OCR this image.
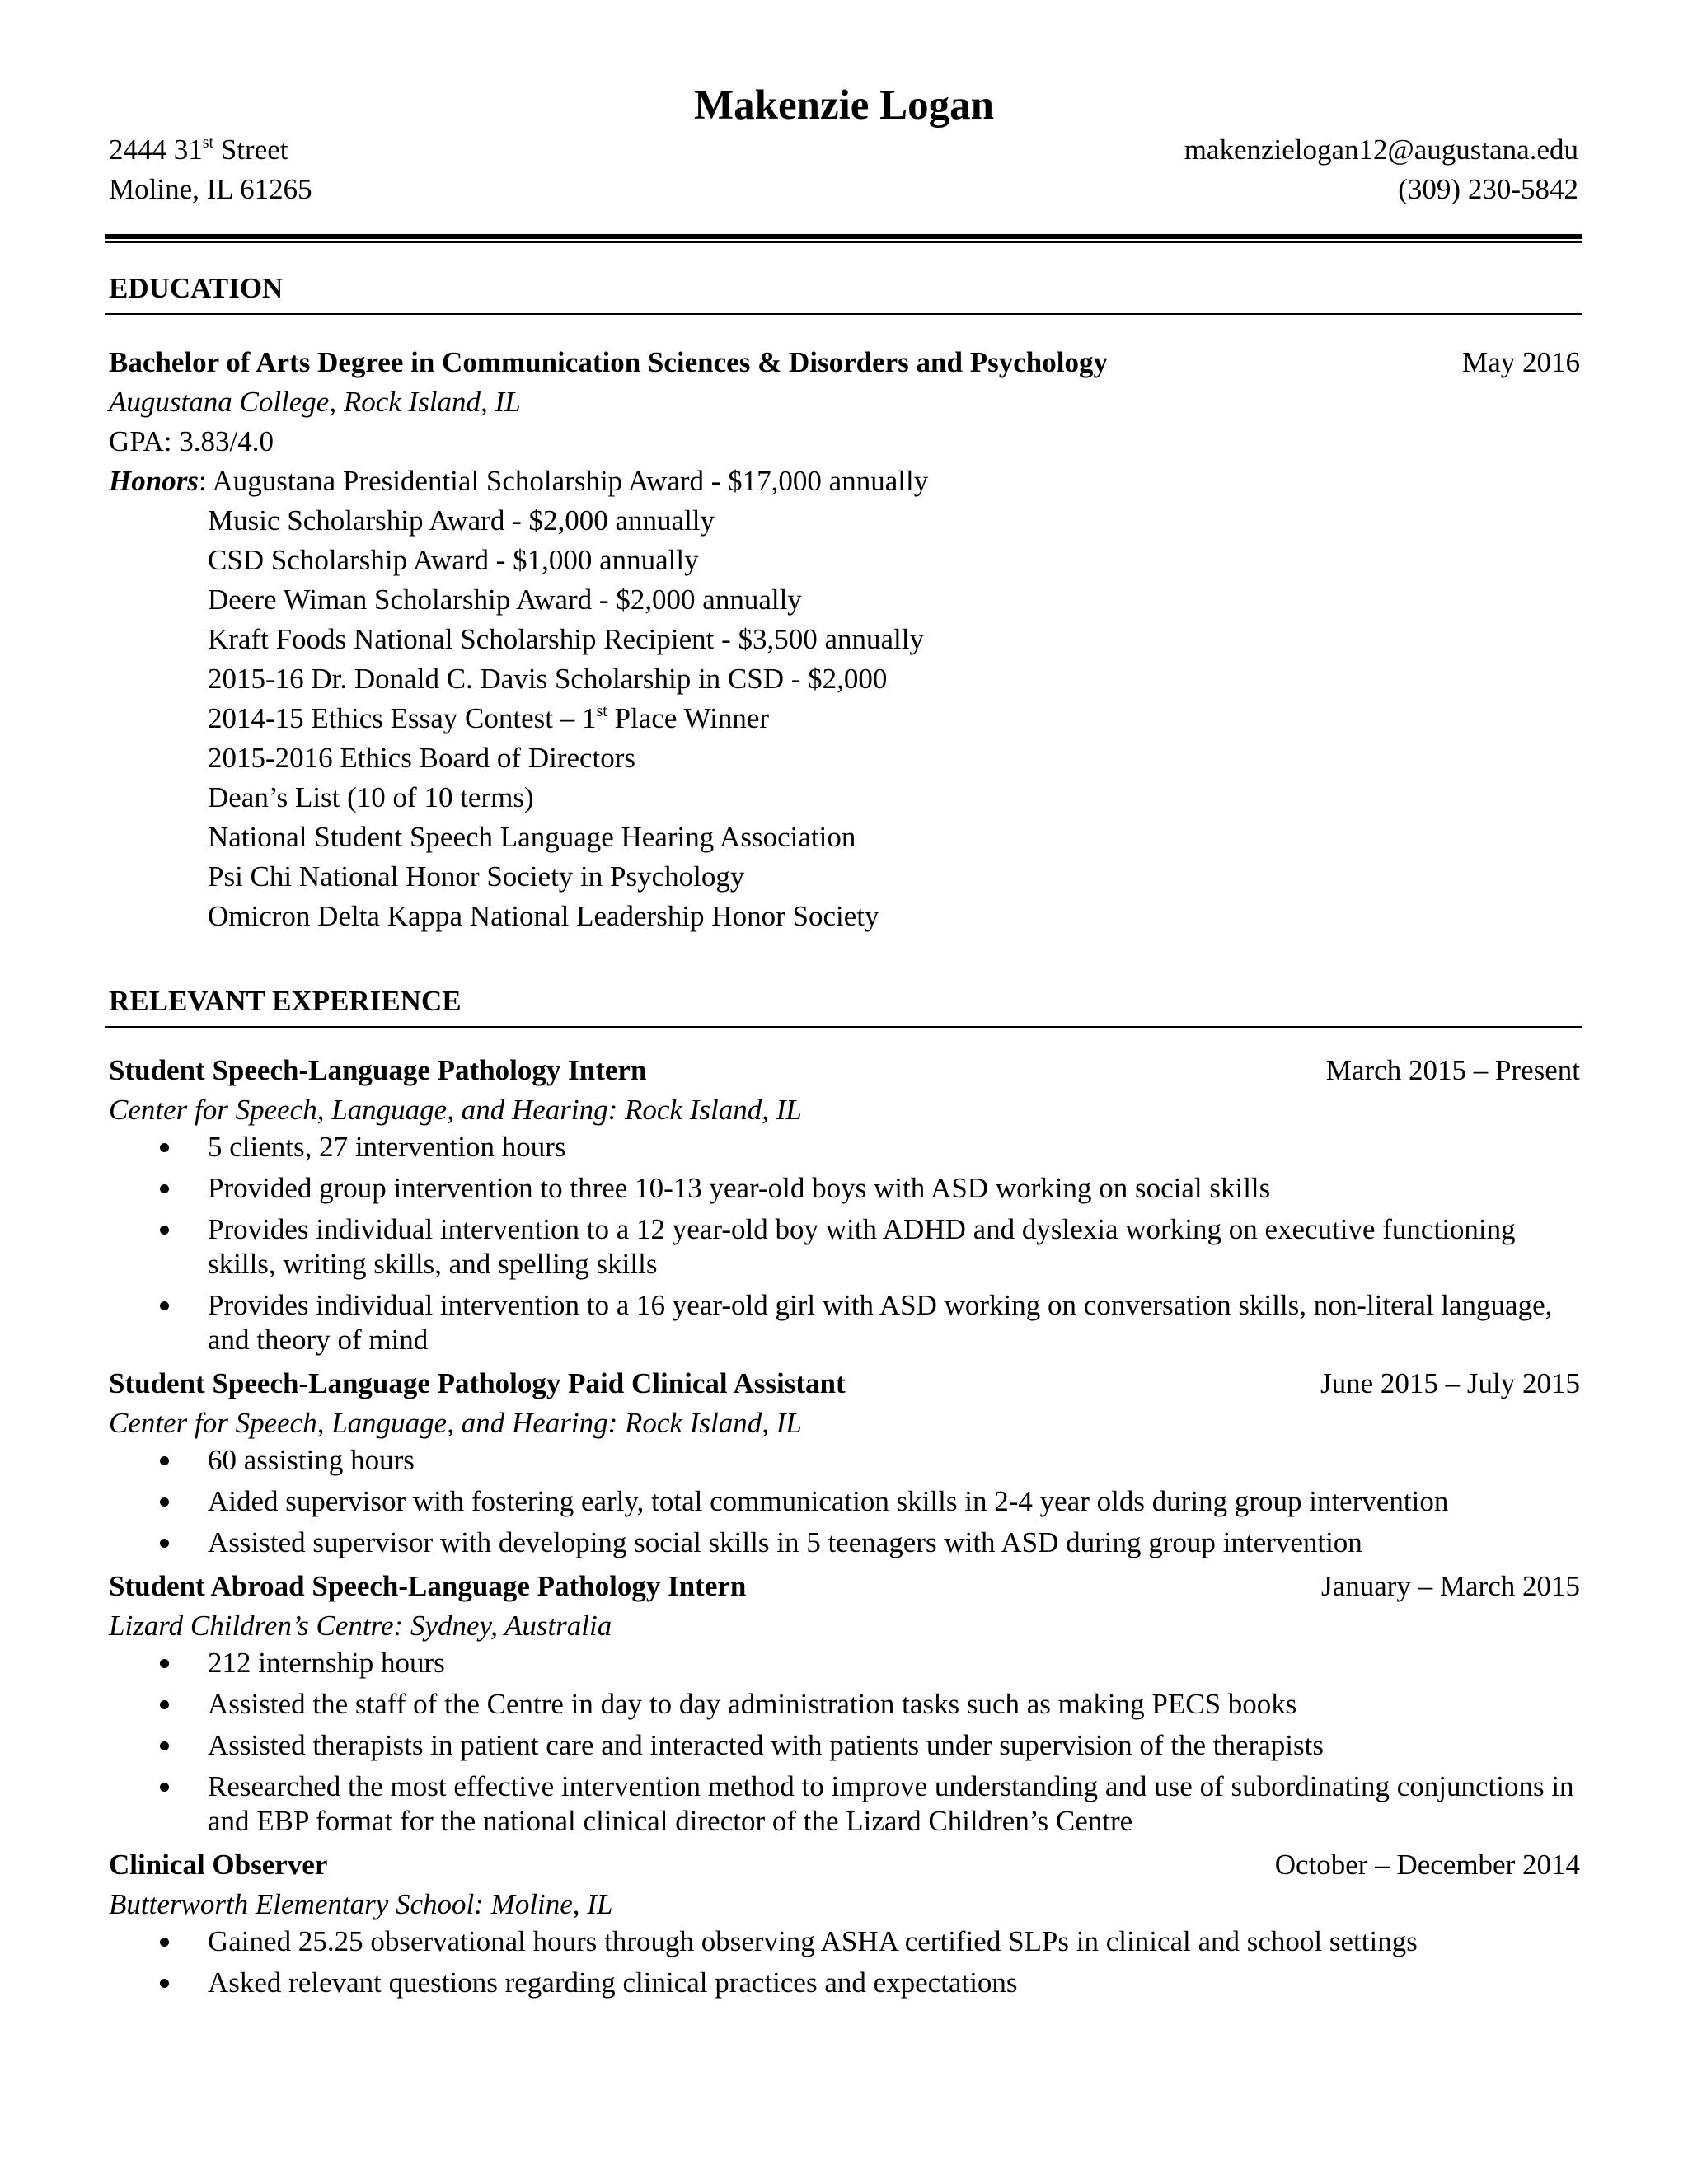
Makenzie Logan
2444 31st Street	makenzielogan12@augustana.edu
Moline, IL 61265	(309) 230-5842
EDUCATION
Bachelor of Arts Degree in Communication Sciences & Disorders and Psychology	May 2016
Augustana College, Rock Island, IL
GPA: 3.83/4.0
Honors: Augustana Presidential Scholarship Award - $17,000 annually
Music Scholarship Award - $2,000 annually
CSD Scholarship Award - $1,000 annually
Deere Wiman Scholarship Award - $2,000 annually
Kraft Foods National Scholarship Recipient - $3,500 annually
2015-16 Dr. Donald C. Davis Scholarship in CSD - $2,000
2014-15 Ethics Essay Contest – 1st Place Winner
2015-2016 Ethics Board of Directors
Dean’s List (10 of 10 terms)
National Student Speech Language Hearing Association
Psi Chi National Honor Society in Psychology
Omicron Delta Kappa National Leadership Honor Society
RELEVANT EXPERIENCE
Student Speech-Language Pathology Intern	March 2015 – Present
Center for Speech, Language, and Hearing: Rock Island, IL
5 clients, 27 intervention hours
Provided group intervention to three 10-13 year-old boys with ASD working on social skills
Provides individual intervention to a 12 year-old boy with ADHD and dyslexia working on executive functioning skills, writing skills, and spelling skills
Provides individual intervention to a 16 year-old girl with ASD working on conversation skills, non-literal language, and theory of mind
Student Speech-Language Pathology Paid Clinical Assistant	June 2015 – July 2015
Center for Speech, Language, and Hearing: Rock Island, IL
60 assisting hours
Aided supervisor with fostering early, total communication skills in 2-4 year olds during group intervention
Assisted supervisor with developing social skills in 5 teenagers with ASD during group intervention
Student Abroad Speech-Language Pathology Intern	January – March 2015
Lizard Children’s Centre: Sydney, Australia
212 internship hours
Assisted the staff of the Centre in day to day administration tasks such as making PECS books
Assisted therapists in patient care and interacted with patients under supervision of the therapists
Researched the most effective intervention method to improve understanding and use of subordinating conjunctions in and EBP format for the national clinical director of the Lizard Children’s Centre
Clinical Observer	October – December 2014
Butterworth Elementary School: Moline, IL
Gained 25.25 observational hours through observing ASHA certified SLPs in clinical and school settings
Asked relevant questions regarding clinical practices and expectations
